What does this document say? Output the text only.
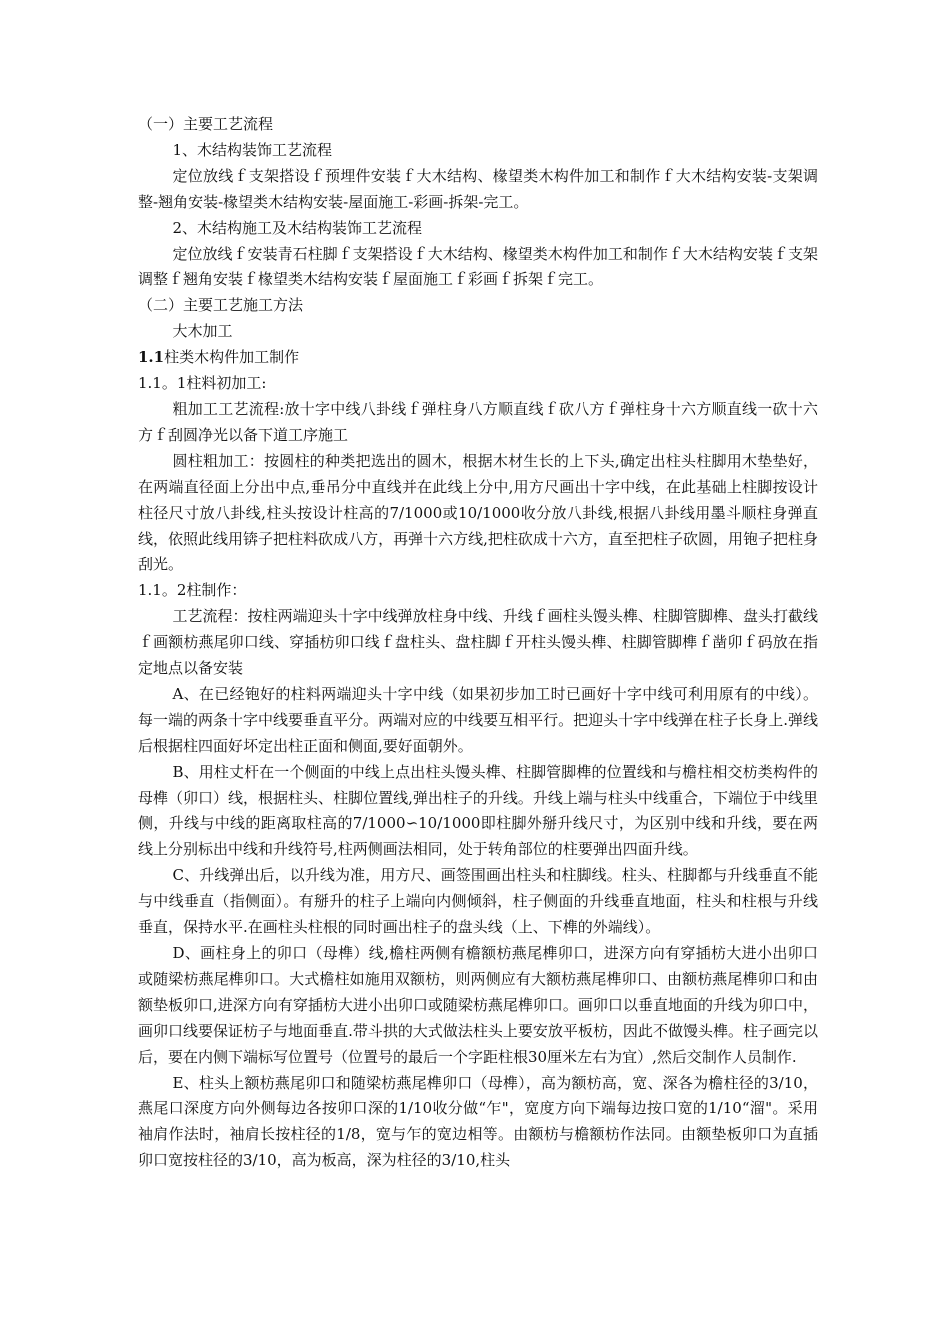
（一）主要工艺流程

1、木结构装饰工艺流程

定位放线ｆ支架搭设ｆ预埋件安装ｆ大木结构、椽望类木构件加工和制作ｆ大木结构安装-支架调整-翘角安装-椽望类木结构安装-屋面施工-彩画-拆架-完工。

2、木结构施工及木结构装饰工艺流程

定位放线ｆ安装青石柱脚ｆ支架搭设ｆ大木结构、椽望类木构件加工和制作ｆ大木结构安装ｆ支架调整ｆ翘角安装ｆ椽望类木结构安装ｆ屋面施工ｆ彩画ｆ拆架ｆ完工。

（二）主要工艺施工方法

大木加工

1.1柱类木构件加工制作

1.1。1柱料初加工:

粗加工工艺流程:放十字中线八卦线ｆ弹柱身八方顺直线ｆ砍八方ｆ弹柱身十六方顺直线一砍十六方ｆ刮圆净光以备下道工序施工

圆柱粗加工：按圆柱的种类把选出的圆木，根据木材生长的上下头,确定出柱头柱脚用木垫垫好，在两端直径面上分出中点,垂吊分中直线并在此线上分中,用方尺画出十字中线，在此基础上柱脚按设计柱径尺寸放八卦线,柱头按设计柱高的7/1000或10/1000收分放八卦线,根据八卦线用墨斗顺柱身弹直线，依照此线用锛子把柱料砍成八方，再弹十六方线,把柱砍成十六方，直至把柱子砍圆，用铇子把柱身刮光。

1.1。2柱制作：

工艺流程：按柱两端迎头十字中线弹放柱身中线、升线ｆ画柱头馒头榫、柱脚管脚榫、盘头打截线ｆ画额枋燕尾卯口线、穿插枋卯口线ｆ盘柱头、盘柱脚ｆ开柱头馒头榫、柱脚管脚榫ｆ凿卯ｆ码放在指定地点以备安装

A、在已经铇好的柱料两端迎头十字中线（如果初步加工时已画好十字中线可利用原有的中线）。每一端的两条十字中线要垂直平分。两端对应的中线要互相平行。把迎头十字中线弹在柱子长身上.弹线后根据柱四面好坏定出柱正面和侧面,要好面朝外。

B、用柱丈杆在一个侧面的中线上点出柱头馒头榫、柱脚管脚榫的位置线和与檐柱相交枋类构件的母榫（卯口）线，根据柱头、柱脚位置线,弹出柱子的升线。升线上端与柱头中线重合，下端位于中线里侧，升线与中线的距离取柱高的7/1000∽10/1000即柱脚外掰升线尺寸，为区别中线和升线，要在两线上分别标出中线和升线符号,柱两侧画法相同，处于转角部位的柱要弹出四面升线。

C、升线弹出后，以升线为准，用方尺、画签围画出柱头和柱脚线。柱头、柱脚都与升线垂直不能与中线垂直（指侧面）。有掰升的柱子上端向内侧倾斜，柱子侧面的升线垂直地面，柱头和柱根与升线垂直，保持水平.在画柱头柱根的同时画出柱子的盘头线（上、下榫的外端线）。

D、画柱身上的卯口（母榫）线,檐柱两侧有檐额枋燕尾榫卯口，进深方向有穿插枋大进小出卯口或随梁枋燕尾榫卯口。大式檐柱如施用双额枋，则两侧应有大额枋燕尾榫卯口、由额枋燕尾榫卯口和由额垫板卯口,进深方向有穿插枋大进小出卯口或随梁枋燕尾榫卯口。画卯口以垂直地面的升线为卯口中，画卯口线要保证枋子与地面垂直.带斗拱的大式做法柱头上要安放平板枋，因此不做馒头榫。柱子画完以后，要在内侧下端标写位置号（位置号的最后一个字距柱根30厘米左右为宜）,然后交制作人员制作.

E、柱头上额枋燕尾卯口和随梁枋燕尾榫卯口（母榫），高为额枋高，宽、深各为檐柱径的3/10，燕尾口深度方向外侧每边各按卯口深的1/10收分做“乍"，宽度方向下端每边按口宽的1/10“溜"。采用袖肩作法时，袖肩长按柱径的1/8，宽与乍的宽边相等。由额枋与檐额枋作法同。由额垫板卯口为直插卯口宽按柱径的3/10，高为板高，深为柱径的3/10,柱头
